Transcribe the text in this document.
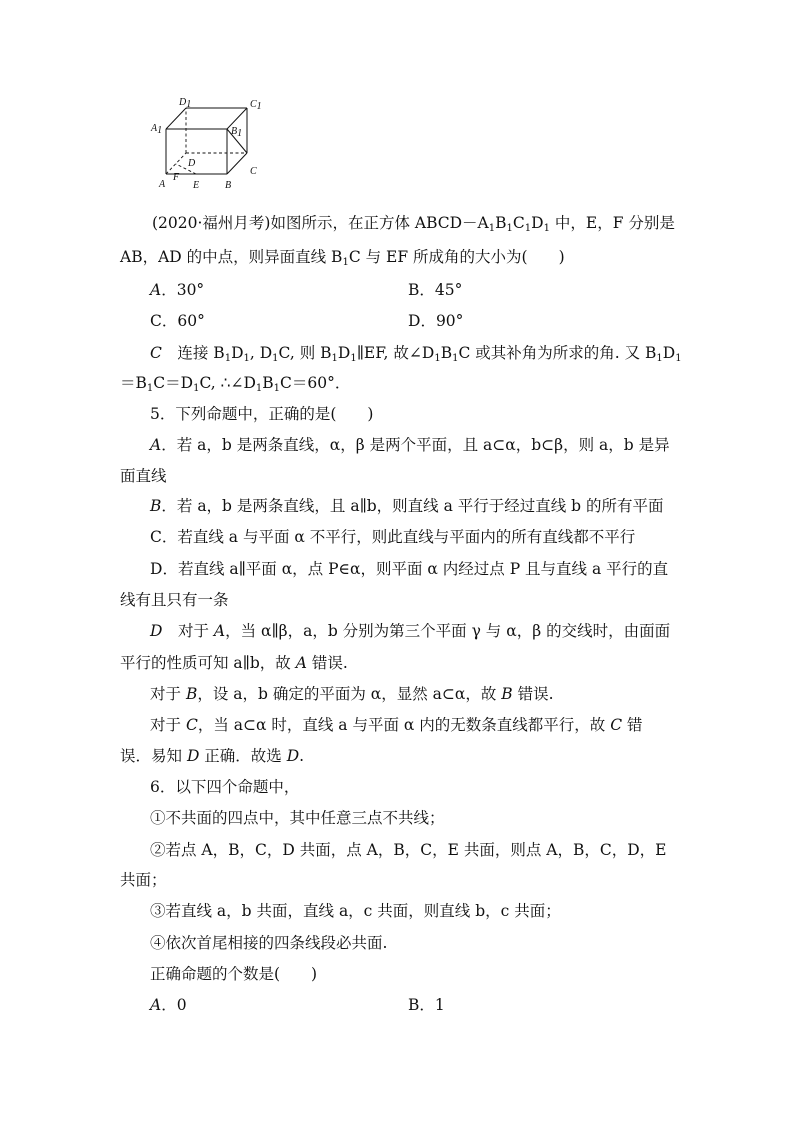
D1	C1
A1	B1
D
C
F
A	E	B
(2020·福州月考)如图所示，在正方体 $ABCD-A_1B_1C_1D_1$ 中，E，F 分别是
AB，AD 的中点，则异面直线 $B_1C$ 与 EF 所成角的大小为(　　)
A．30°	B．45°
C．60°	D．90°
C　连接 $B_1D_1$, $D_1C$, 则 $B_1D_1\parallel EF$, 故$\angle D_1B_1C$ 或其补角为所求的角. 又 $B_1D_1$
$=B_1C=D_1C$, $\therefore\angle D_1B_1C=60^\circ$．
5．下列命题中，正确的是(　　)
A．若 a，b 是两条直线，α，β 是两个平面，且 a⊂α，b⊂β，则 a，b 是异
面直线
B．若 a，b 是两条直线，且 a∥b，则直线 a 平行于经过直线 b 的所有平面
C．若直线 a 与平面 α 不平行，则此直线与平面内的所有直线都不平行
D．若直线 a∥平面 α，点 P∈α，则平面 α 内经过点 P 且与直线 a 平行的直
线有且只有一条
D　对于 A，当 α∥β，a，b 分别为第三个平面 γ 与 α，β 的交线时，由面面
平行的性质可知 a∥b，故 A 错误.
对于 B，设 a，b 确定的平面为 α，显然 a⊂α，故 B 错误.
对于 C，当 a⊂α 时，直线 a 与平面 α 内的无数条直线都平行，故 C 错
误．易知 D 正确．故选 D.
6．以下四个命题中，
①不共面的四点中，其中任意三点不共线；
②若点 A，B，C，D 共面，点 A，B，C，E 共面，则点 A，B，C，D，E
共面；
③若直线 a，b 共面，直线 a，c 共面，则直线 b，c 共面；
④依次首尾相接的四条线段必共面.
正确命题的个数是(　　)
A．0	B．1
